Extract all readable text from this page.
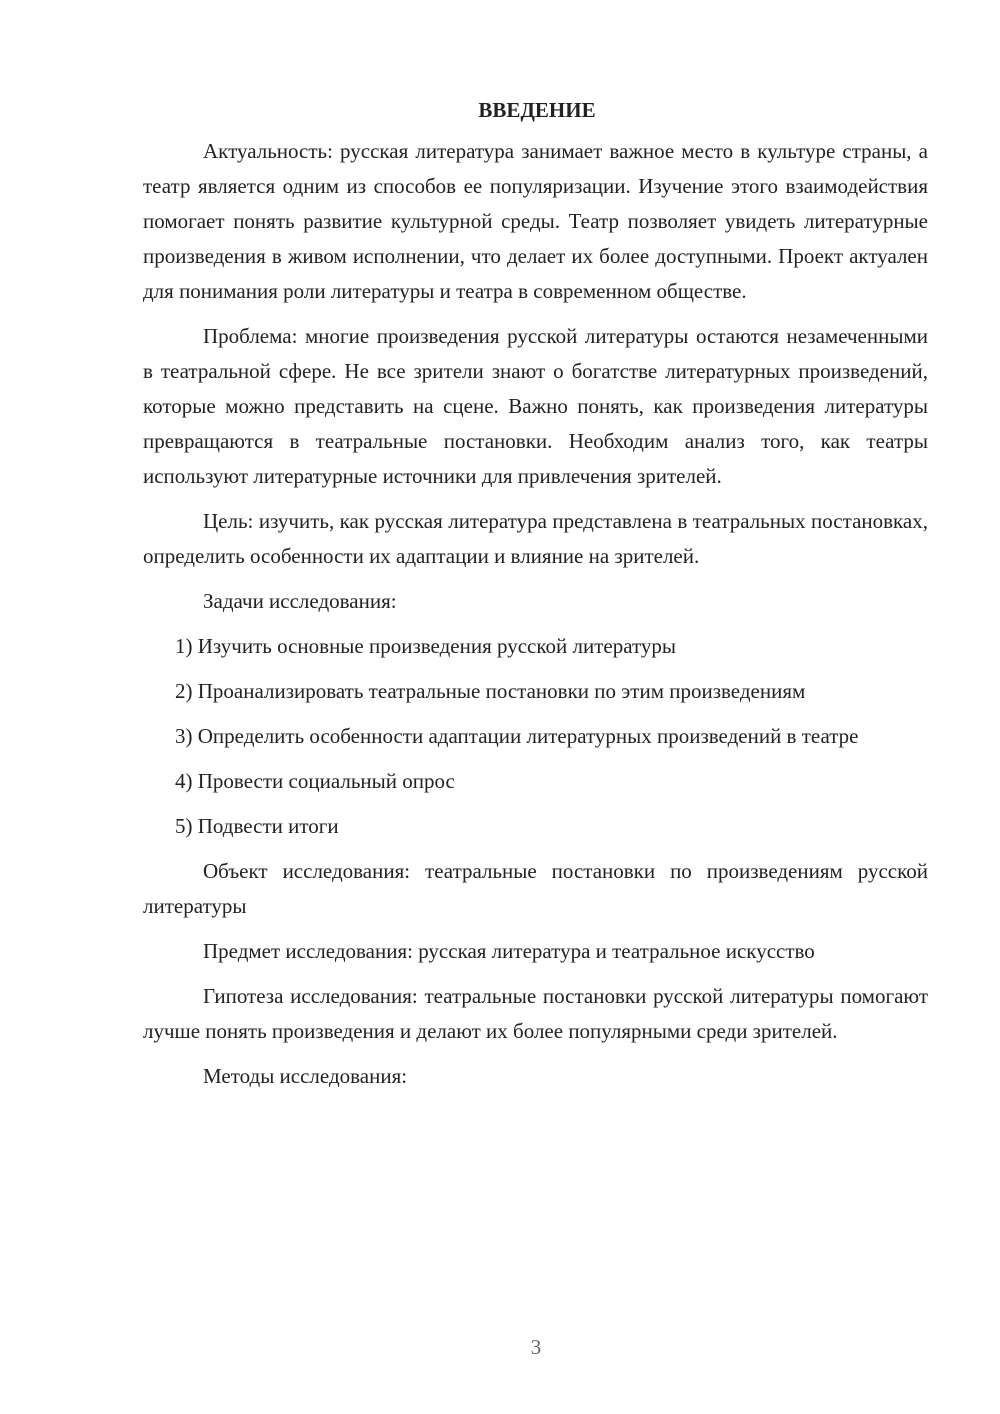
ВВЕДЕНИЕ

Актуальность: русская литература занимает важное место в культуре страны, а театр является одним из способов ее популяризации. Изучение этого взаимодействия помогает понять развитие культурной среды. Театр позволяет увидеть литературные произведения в живом исполнении, что делает их более доступными. Проект актуален для понимания роли литературы и театра в современном обществе.

Проблема: многие произведения русской литературы остаются незамеченными в театральной сфере. Не все зрители знают о богатстве литературных произведений, которые можно представить на сцене. Важно понять, как произведения литературы превращаются в театральные постановки. Необходим анализ того, как театры используют литературные источники для привлечения зрителей.

Цель: изучить, как русская литература представлена в театральных постановках, определить особенности их адаптации и влияние на зрителей.

Задачи исследования:

1) Изучить основные произведения русской литературы

2) Проанализировать театральные постановки по этим произведениям

3) Определить особенности адаптации литературных произведений в театре

4) Провести социальный опрос

5) Подвести итоги

Объект исследования: театральные постановки по произведениям русской литературы

Предмет исследования: русская литература и театральное искусство

Гипотеза исследования: театральные постановки русской литературы помогают лучше понять произведения и делают их более популярными среди зрителей.

Методы исследования:

3
